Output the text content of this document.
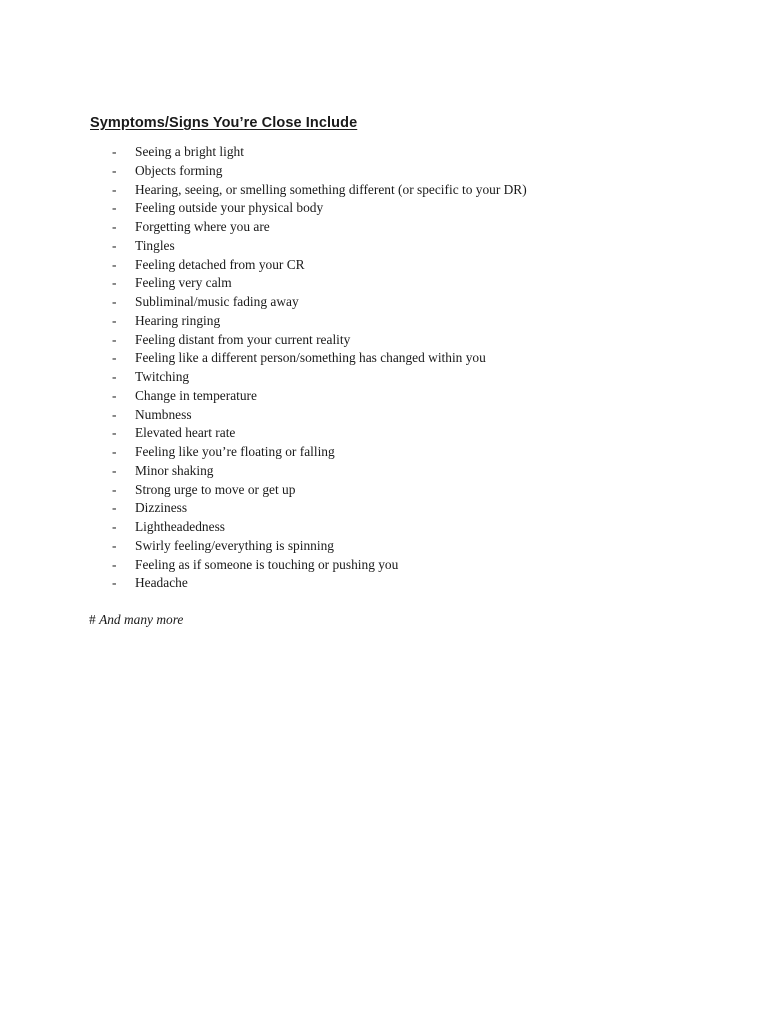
Symptoms/Signs You’re Close Include
- Seeing a bright light
- Objects forming
- Hearing, seeing, or smelling something different (or specific to your DR)
- Feeling outside your physical body
- Forgetting where you are
- Tingles
- Feeling detached from your CR
- Feeling very calm
- Subliminal/music fading away
- Hearing ringing
- Feeling distant from your current reality
- Feeling like a different person/something has changed within you
- Twitching
- Change in temperature
- Numbness
- Elevated heart rate
- Feeling like you’re floating or falling
- Minor shaking
- Strong urge to move or get up
- Dizziness
- Lightheadedness
- Swirly feeling/everything is spinning
- Feeling as if someone is touching or pushing you
- Headache

# And many more
